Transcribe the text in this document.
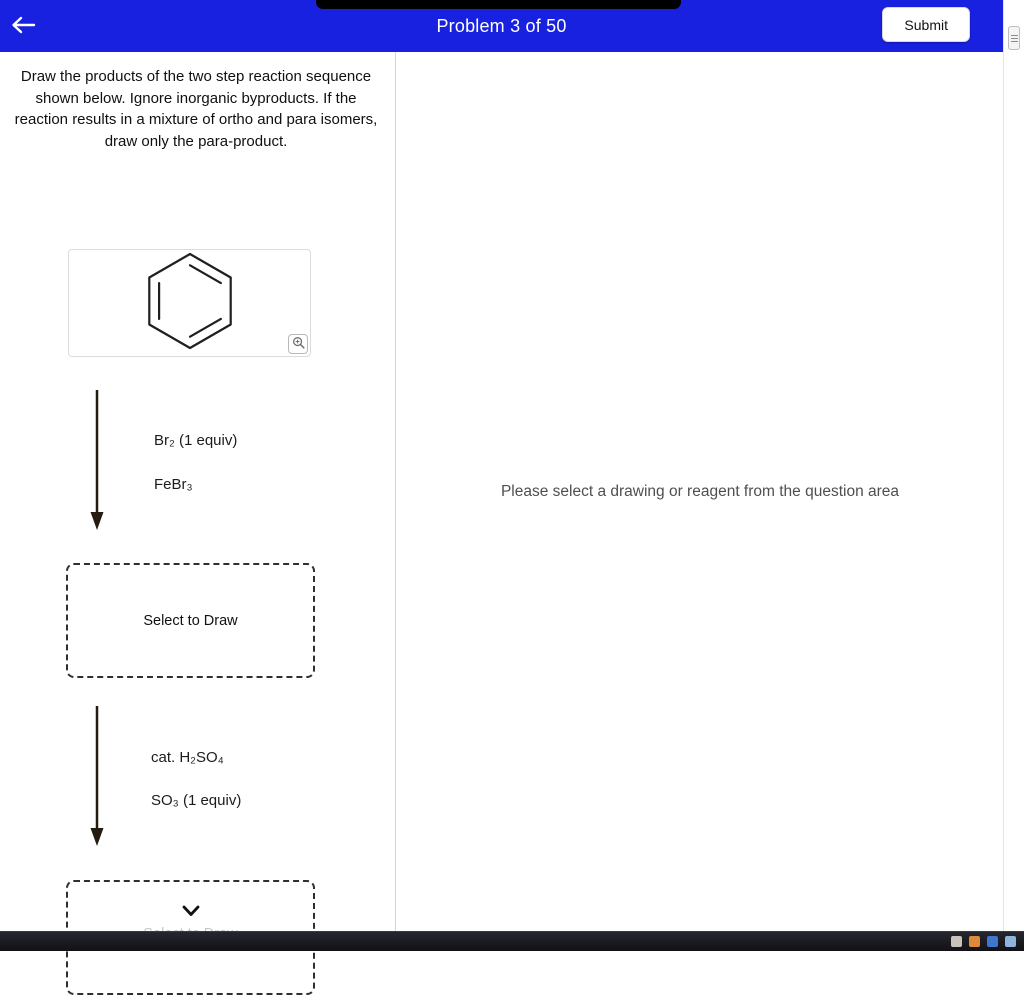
Problem 3 of 50	Submit

Draw the products of the two step reaction sequence shown below. Ignore inorganic byproducts. If the reaction results in a mixture of ortho and para isomers, draw only the para-product.

Br₂ (1 equiv)
FeBr₃
Select to Draw
cat. H₂SO₄
SO₃ (1 equiv)
Please select a drawing or reagent from the question area
